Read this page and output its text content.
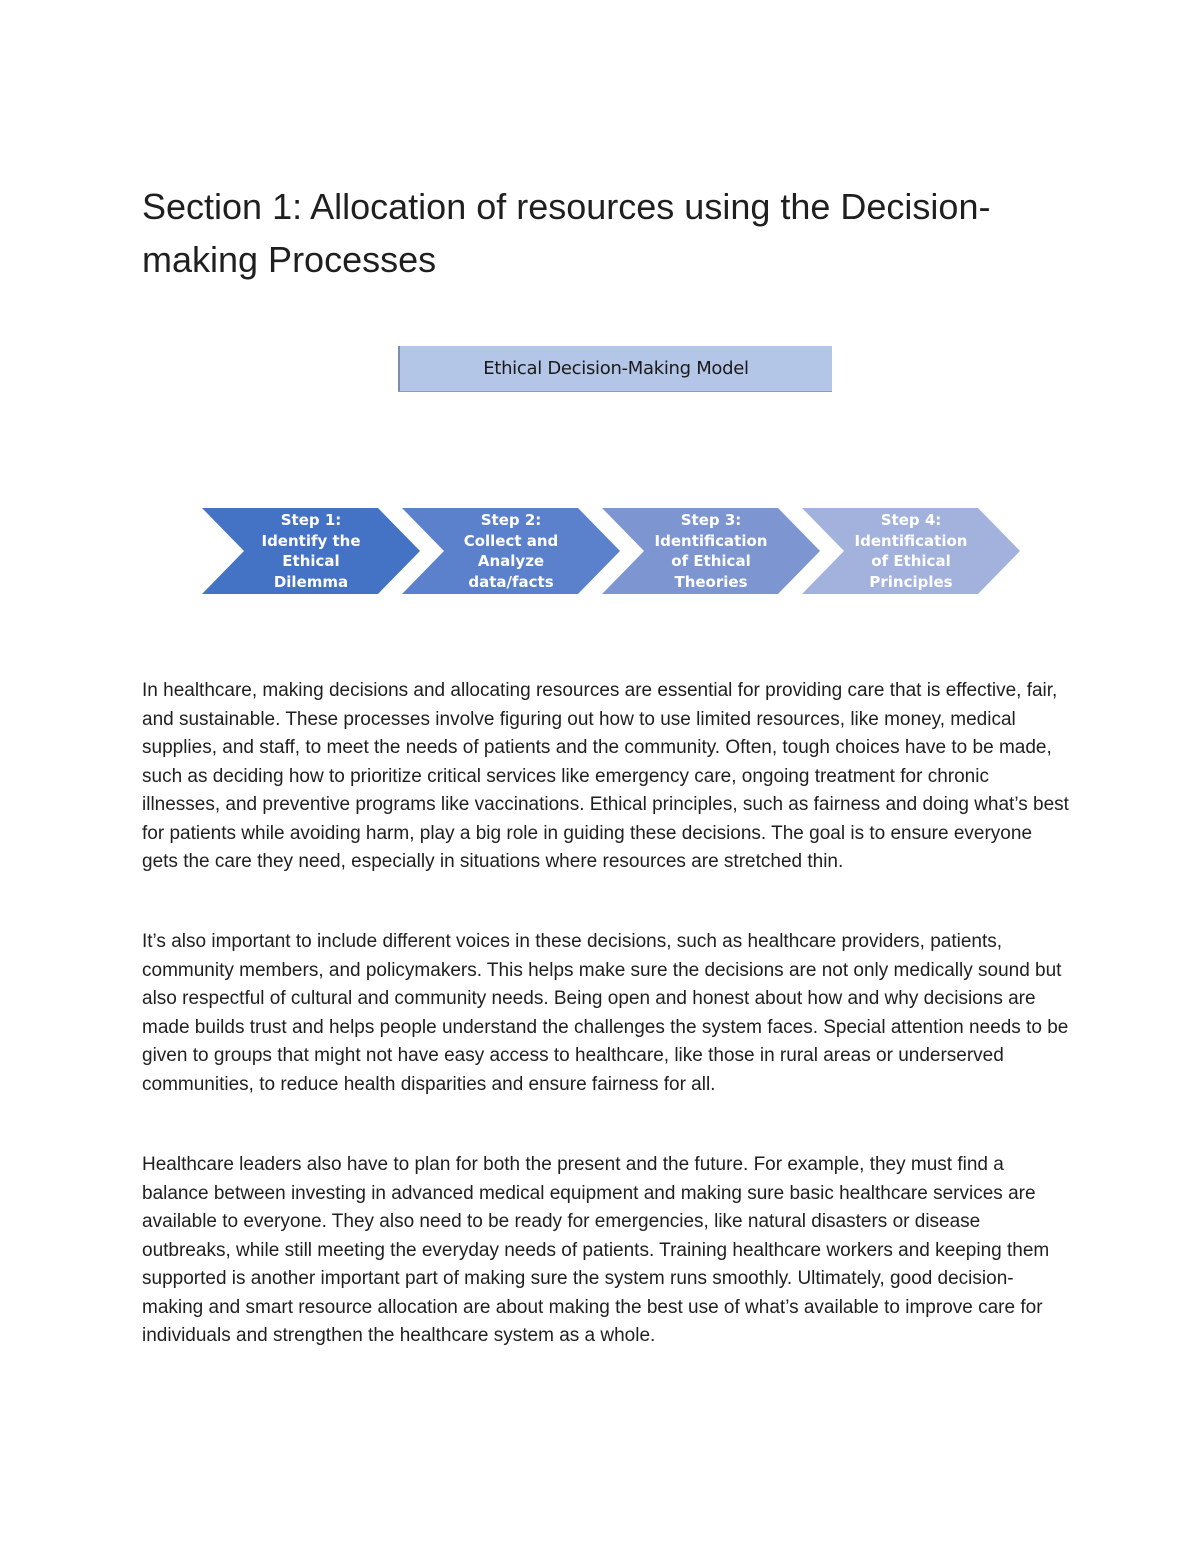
Section 1: Allocation of resources using the Decision-making Processes
Ethical Decision-Making Model
Step 1:
Identify the
Ethical
Dilemma
Step 2:
Collect and
Analyze
data/facts
Step 3:
Identification
of Ethical
Theories
Step 4:
Identification
of Ethical
Principles

In healthcare, making decisions and allocating resources are essential for providing care that is effective, fair, and sustainable. These processes involve figuring out how to use limited resources, like money, medical supplies, and staff, to meet the needs of patients and the community. Often, tough choices have to be made, such as deciding how to prioritize critical services like emergency care, ongoing treatment for chronic illnesses, and preventive programs like vaccinations. Ethical principles, such as fairness and doing what’s best for patients while avoiding harm, play a big role in guiding these decisions. The goal is to ensure everyone gets the care they need, especially in situations where resources are stretched thin.

It’s also important to include different voices in these decisions, such as healthcare providers, patients, community members, and policymakers. This helps make sure the decisions are not only medically sound but also respectful of cultural and community needs. Being open and honest about how and why decisions are made builds trust and helps people understand the challenges the system faces. Special attention needs to be given to groups that might not have easy access to healthcare, like those in rural areas or underserved communities, to reduce health disparities and ensure fairness for all.

Healthcare leaders also have to plan for both the present and the future. For example, they must find a balance between investing in advanced medical equipment and making sure basic healthcare services are available to everyone. They also need to be ready for emergencies, like natural disasters or disease outbreaks, while still meeting the everyday needs of patients. Training healthcare workers and keeping them supported is another important part of making sure the system runs smoothly. Ultimately, good decision-making and smart resource allocation are about making the best use of what’s available to improve care for individuals and strengthen the healthcare system as a whole.
